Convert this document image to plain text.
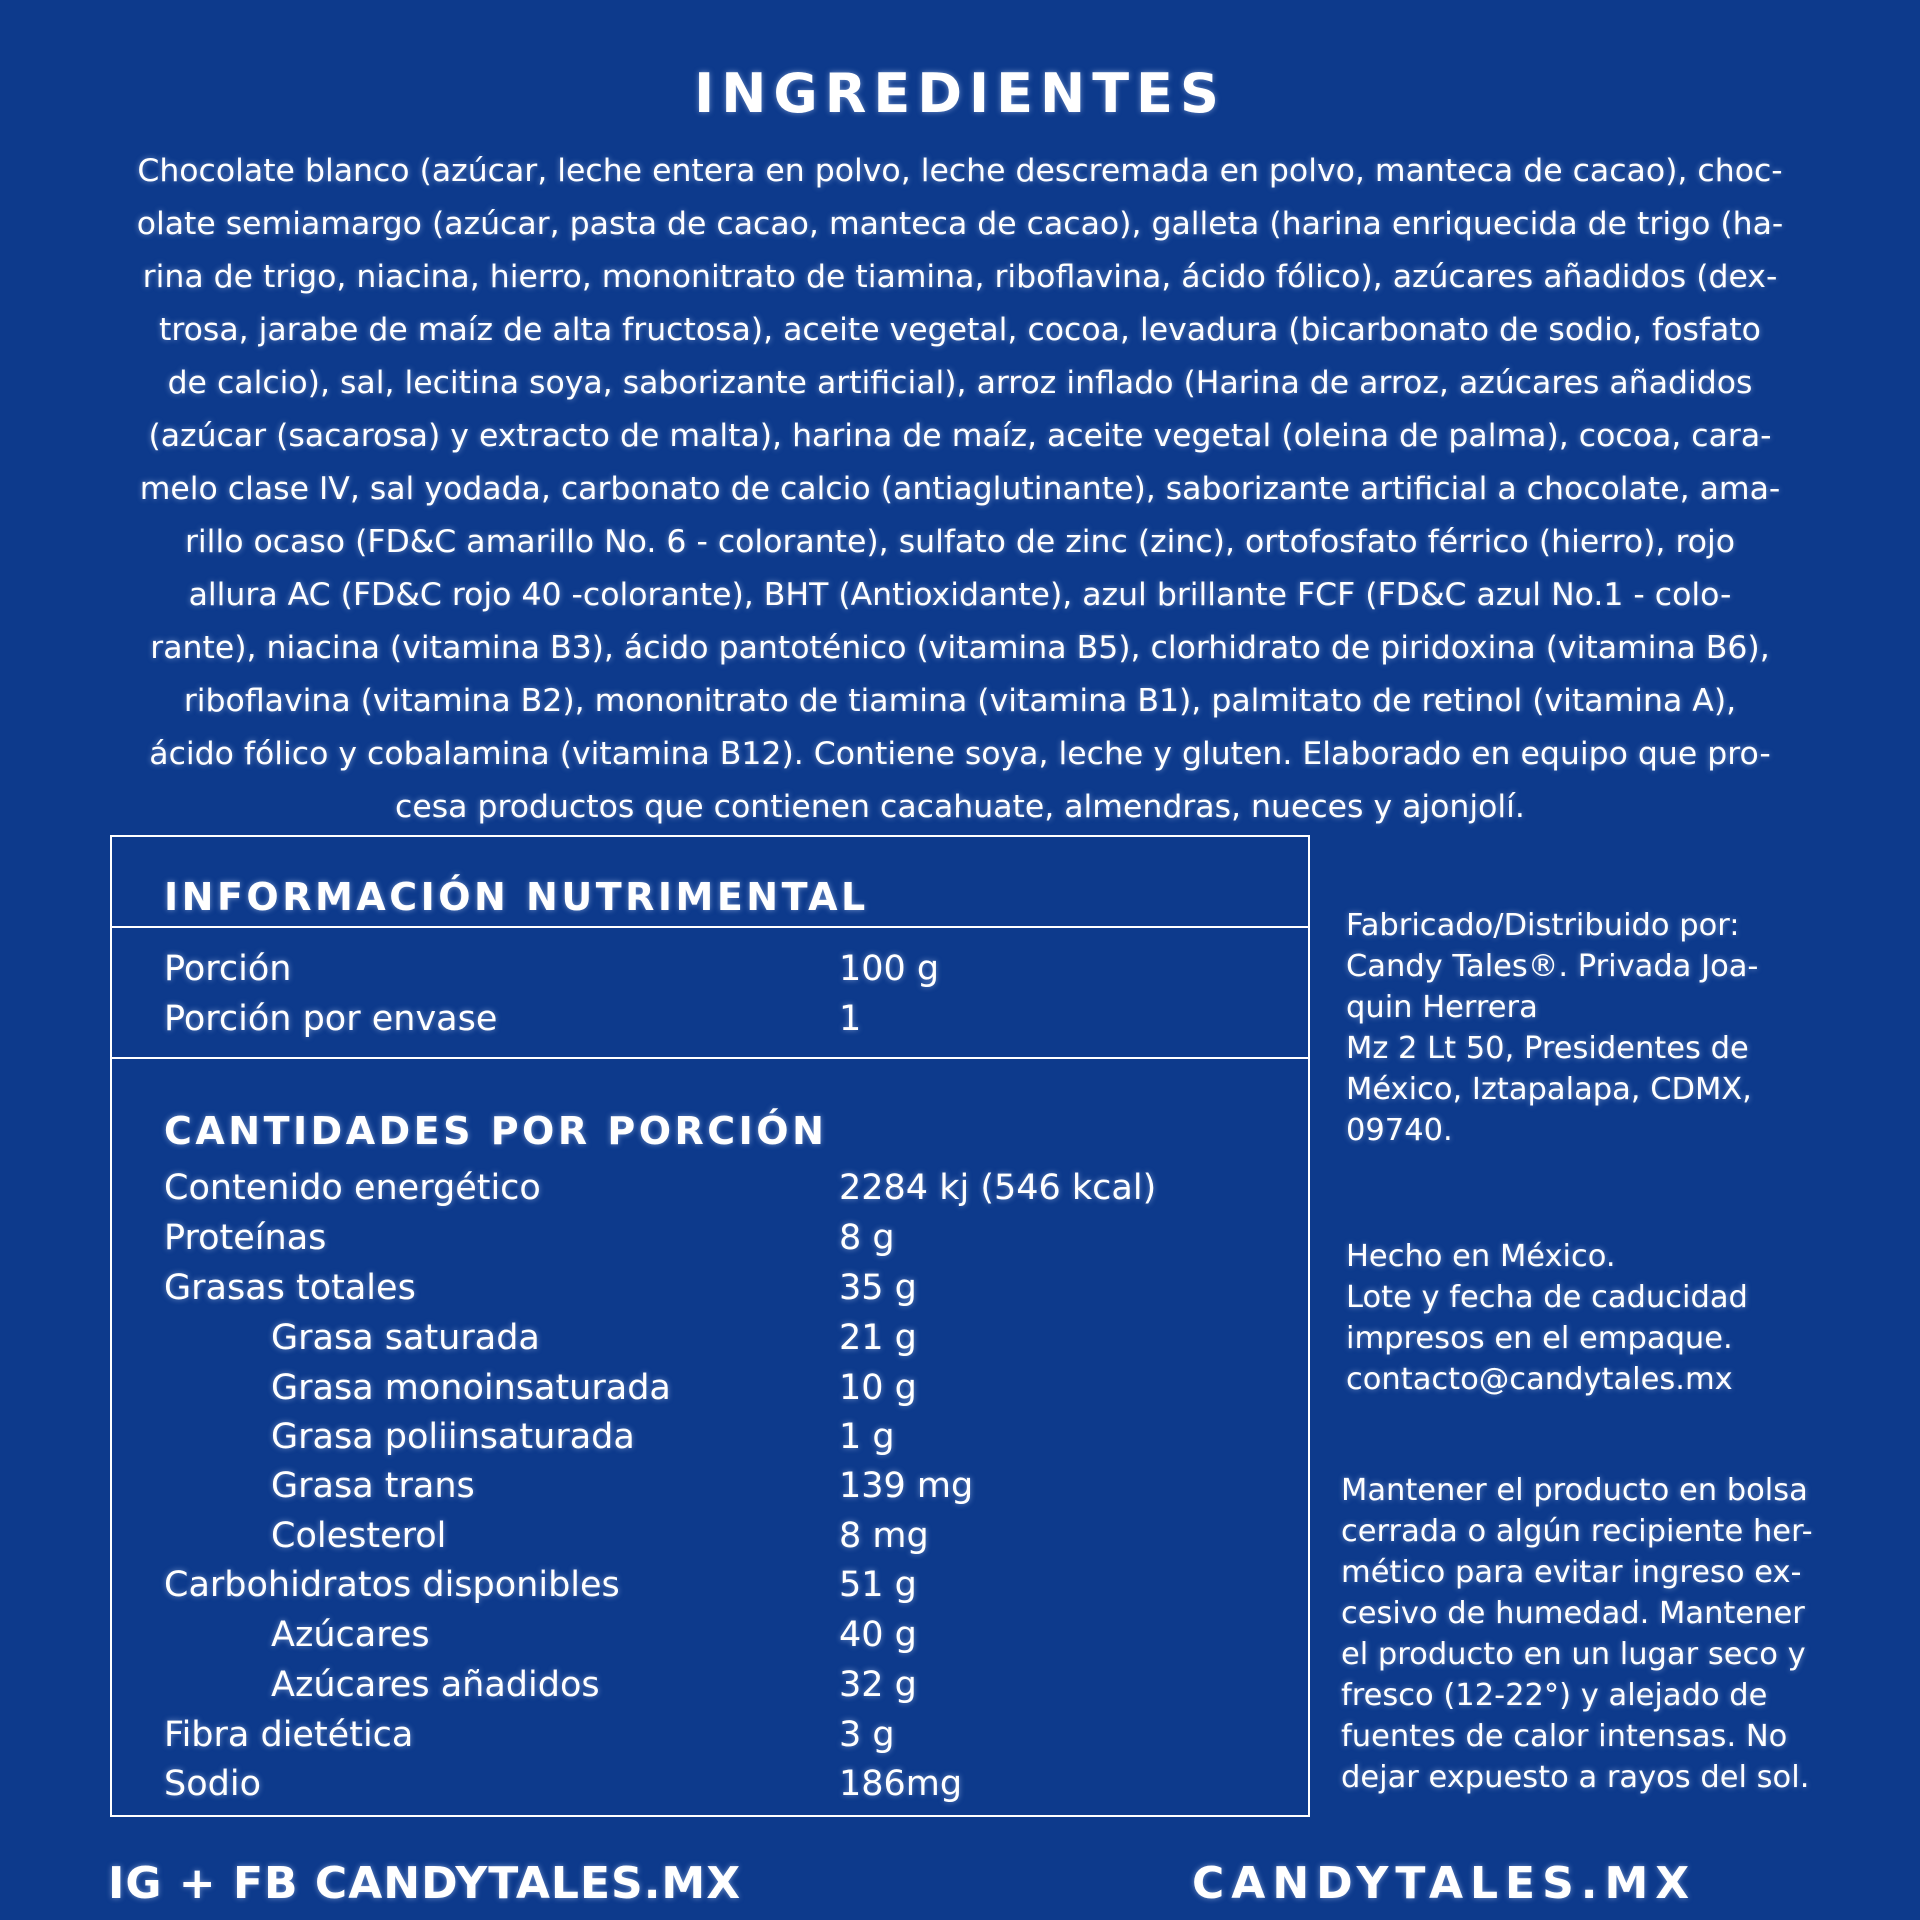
INGREDIENTES

Chocolate blanco (azúcar, leche entera en polvo, leche descremada en polvo, manteca de cacao), choc-
olate semiamargo (azúcar, pasta de cacao, manteca de cacao), galleta (harina enriquecida de trigo (ha-
rina de trigo, niacina, hierro, mononitrato de tiamina, riboflavina, ácido fólico), azúcares añadidos (dex-
trosa, jarabe de maíz de alta fructosa), aceite vegetal, cocoa, levadura (bicarbonato de sodio, fosfato
de calcio), sal, lecitina soya, saborizante artificial), arroz inflado (Harina de arroz, azúcares añadidos
(azúcar (sacarosa) y extracto de malta), harina de maíz, aceite vegetal (oleina de palma), cocoa, cara-
melo clase IV, sal yodada, carbonato de calcio (antiaglutinante), saborizante artificial a chocolate, ama-
rillo ocaso (FD&C amarillo No. 6 - colorante), sulfato de zinc (zinc), ortofosfato férrico (hierro), rojo
allura AC (FD&C rojo 40 -colorante), BHT (Antioxidante), azul brillante FCF (FD&C azul No.1 - colo-
rante), niacina (vitamina B3), ácido pantoténico (vitamina B5), clorhidrato de piridoxina (vitamina B6),
riboflavina (vitamina B2), mononitrato de tiamina (vitamina B1), palmitato de retinol (vitamina A),
ácido fólico y cobalamina (vitamina B12). Contiene soya, leche y gluten. Elaborado en equipo que pro-
cesa productos que contienen cacahuate, almendras, nueces y ajonjolí.

INFORMACIÓN NUTRIMENTAL
Porción	100 g
Porción por envase	1
CANTIDADES POR PORCIÓN
Contenido energético	2284 kj (546 kcal)
Proteínas	8 g
Grasas totales	35 g
Grasa saturada	21 g
Grasa monoinsaturada	10 g
Grasa poliinsaturada	1 g
Grasa trans	139 mg
Colesterol	8 mg
Carbohidratos disponibles	51 g
Azúcares	40 g
Azúcares añadidos	32 g
Fibra dietética	3 g
Sodio	186mg
Fabricado/Distribuido por:
Candy Tales®. Privada Joa-
quin Herrera
Mz 2 Lt 50, Presidentes de
México, Iztapalapa, CDMX,
09740.
Hecho en México.
Lote y fecha de caducidad
impresos en el empaque.
contacto@candytales.mx
Mantener el producto en bolsa
cerrada o algún recipiente her-
mético para evitar ingreso ex-
cesivo de humedad. Mantener
el producto en un lugar seco y
fresco (12-22°) y alejado de
fuentes de calor intensas. No
dejar expuesto a rayos del sol.
IG + FB CANDYTALES.MX	CANDYTALES.MX
